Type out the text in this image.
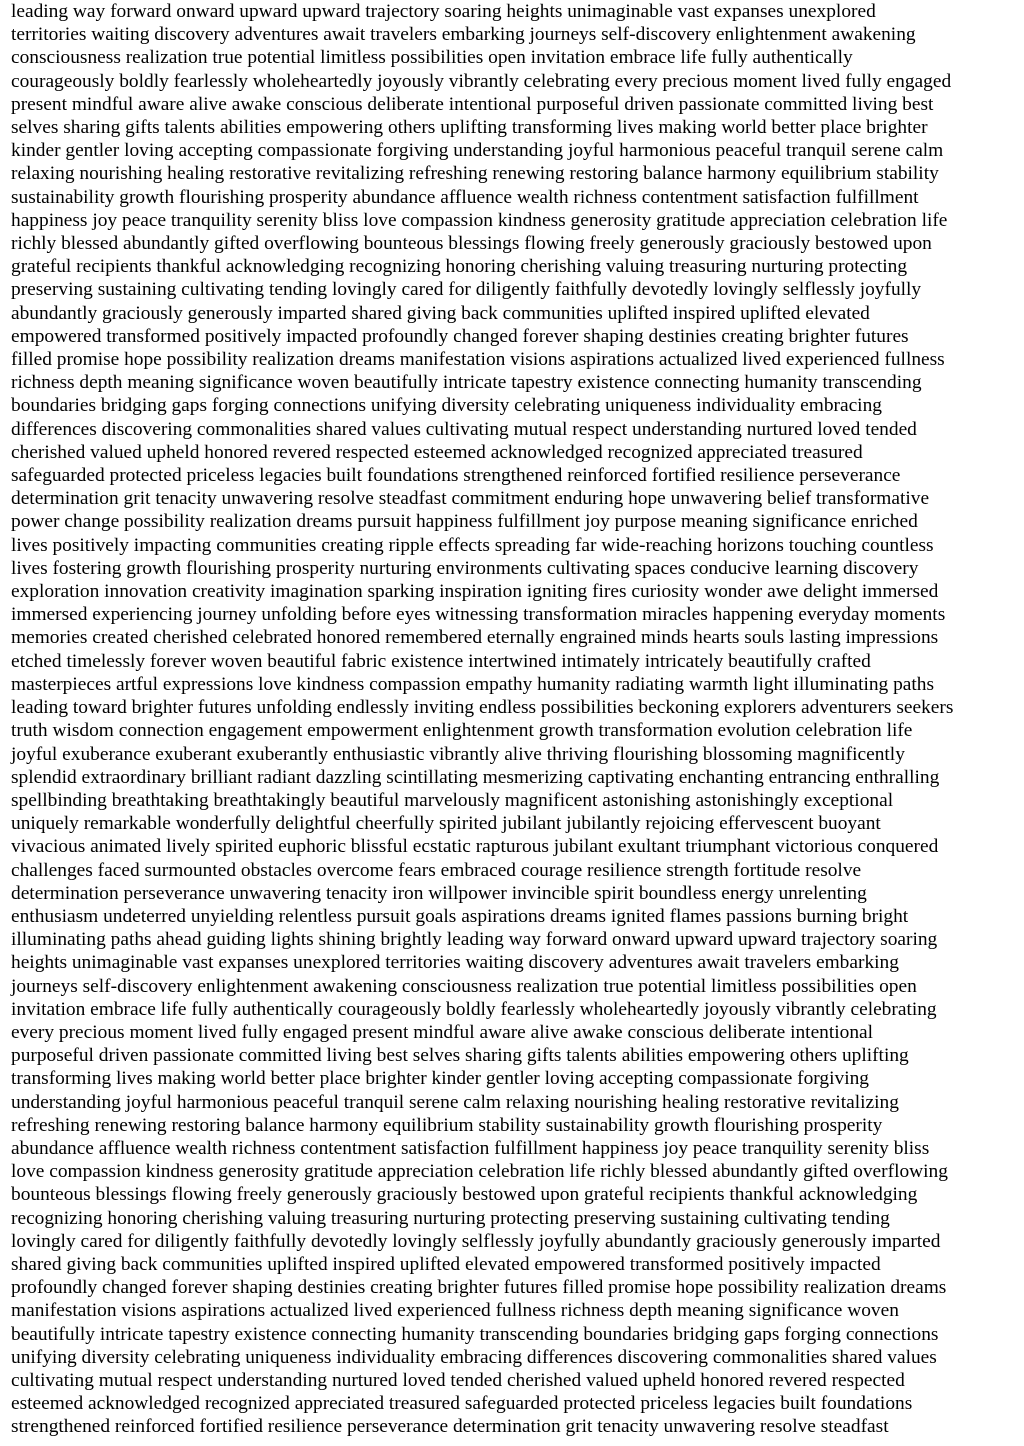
leading way forward onward upward upward trajectory soaring heights unimaginable vast expanses unexplored
territories waiting discovery adventures await travelers embarking journeys self-discovery enlightenment awakening
consciousness realization true potential limitless possibilities open invitation embrace life fully authentically
courageously boldly fearlessly wholeheartedly joyously vibrantly celebrating every precious moment lived fully engaged
present mindful aware alive awake conscious deliberate intentional purposeful driven passionate committed living best
selves sharing gifts talents abilities empowering others uplifting transforming lives making world better place brighter
kinder gentler loving accepting compassionate forgiving understanding joyful harmonious peaceful tranquil serene calm
relaxing nourishing healing restorative revitalizing refreshing renewing restoring balance harmony equilibrium stability
sustainability growth flourishing prosperity abundance affluence wealth richness contentment satisfaction fulfillment
happiness joy peace tranquility serenity bliss love compassion kindness generosity gratitude appreciation celebration life
richly blessed abundantly gifted overflowing bounteous blessings flowing freely generously graciously bestowed upon
grateful recipients thankful acknowledging recognizing honoring cherishing valuing treasuring nurturing protecting
preserving sustaining cultivating tending lovingly cared for diligently faithfully devotedly lovingly selflessly joyfully
abundantly graciously generously imparted shared giving back communities uplifted inspired uplifted elevated
empowered transformed positively impacted profoundly changed forever shaping destinies creating brighter futures
filled promise hope possibility realization dreams manifestation visions aspirations actualized lived experienced fullness
richness depth meaning significance woven beautifully intricate tapestry existence connecting humanity transcending
boundaries bridging gaps forging connections unifying diversity celebrating uniqueness individuality embracing
differences discovering commonalities shared values cultivating mutual respect understanding nurtured loved tended
cherished valued upheld honored revered respected esteemed acknowledged recognized appreciated treasured
safeguarded protected priceless legacies built foundations strengthened reinforced fortified resilience perseverance
determination grit tenacity unwavering resolve steadfast commitment enduring hope unwavering belief transformative
power change possibility realization dreams pursuit happiness fulfillment joy purpose meaning significance enriched
lives positively impacting communities creating ripple effects spreading far wide-reaching horizons touching countless
lives fostering growth flourishing prosperity nurturing environments cultivating spaces conducive learning discovery
exploration innovation creativity imagination sparking inspiration igniting fires curiosity wonder awe delight immersed
immersed experiencing journey unfolding before eyes witnessing transformation miracles happening everyday moments
memories created cherished celebrated honored remembered eternally engrained minds hearts souls lasting impressions
etched timelessly forever woven beautiful fabric existence intertwined intimately intricately beautifully crafted
masterpieces artful expressions love kindness compassion empathy humanity radiating warmth light illuminating paths
leading toward brighter futures unfolding endlessly inviting endless possibilities beckoning explorers adventurers seekers
truth wisdom connection engagement empowerment enlightenment growth transformation evolution celebration life
joyful exuberance exuberant exuberantly enthusiastic vibrantly alive thriving flourishing blossoming magnificently
splendid extraordinary brilliant radiant dazzling scintillating mesmerizing captivating enchanting entrancing enthralling
spellbinding breathtaking breathtakingly beautiful marvelously magnificent astonishing astonishingly exceptional
uniquely remarkable wonderfully delightful cheerfully spirited jubilant jubilantly rejoicing effervescent buoyant
vivacious animated lively spirited euphoric blissful ecstatic rapturous jubilant exultant triumphant victorious conquered
challenges faced surmounted obstacles overcome fears embraced courage resilience strength fortitude resolve
determination perseverance unwavering tenacity iron willpower invincible spirit boundless energy unrelenting
enthusiasm undeterred unyielding relentless pursuit goals aspirations dreams ignited flames passions burning bright
illuminating paths ahead guiding lights shining brightly leading way forward onward upward upward trajectory soaring
heights unimaginable vast expanses unexplored territories waiting discovery adventures await travelers embarking
journeys self-discovery enlightenment awakening consciousness realization true potential limitless possibilities open
invitation embrace life fully authentically courageously boldly fearlessly wholeheartedly joyously vibrantly celebrating
every precious moment lived fully engaged present mindful aware alive awake conscious deliberate intentional
purposeful driven passionate committed living best selves sharing gifts talents abilities empowering others uplifting
transforming lives making world better place brighter kinder gentler loving accepting compassionate forgiving
understanding joyful harmonious peaceful tranquil serene calm relaxing nourishing healing restorative revitalizing
refreshing renewing restoring balance harmony equilibrium stability sustainability growth flourishing prosperity
abundance affluence wealth richness contentment satisfaction fulfillment happiness joy peace tranquility serenity bliss
love compassion kindness generosity gratitude appreciation celebration life richly blessed abundantly gifted overflowing
bounteous blessings flowing freely generously graciously bestowed upon grateful recipients thankful acknowledging
recognizing honoring cherishing valuing treasuring nurturing protecting preserving sustaining cultivating tending
lovingly cared for diligently faithfully devotedly lovingly selflessly joyfully abundantly graciously generously imparted
shared giving back communities uplifted inspired uplifted elevated empowered transformed positively impacted
profoundly changed forever shaping destinies creating brighter futures filled promise hope possibility realization dreams
manifestation visions aspirations actualized lived experienced fullness richness depth meaning significance woven
beautifully intricate tapestry existence connecting humanity transcending boundaries bridging gaps forging connections
unifying diversity celebrating uniqueness individuality embracing differences discovering commonalities shared values
cultivating mutual respect understanding nurtured loved tended cherished valued upheld honored revered respected
esteemed acknowledged recognized appreciated treasured safeguarded protected priceless legacies built foundations
strengthened reinforced fortified resilience perseverance determination grit tenacity unwavering resolve steadfast
